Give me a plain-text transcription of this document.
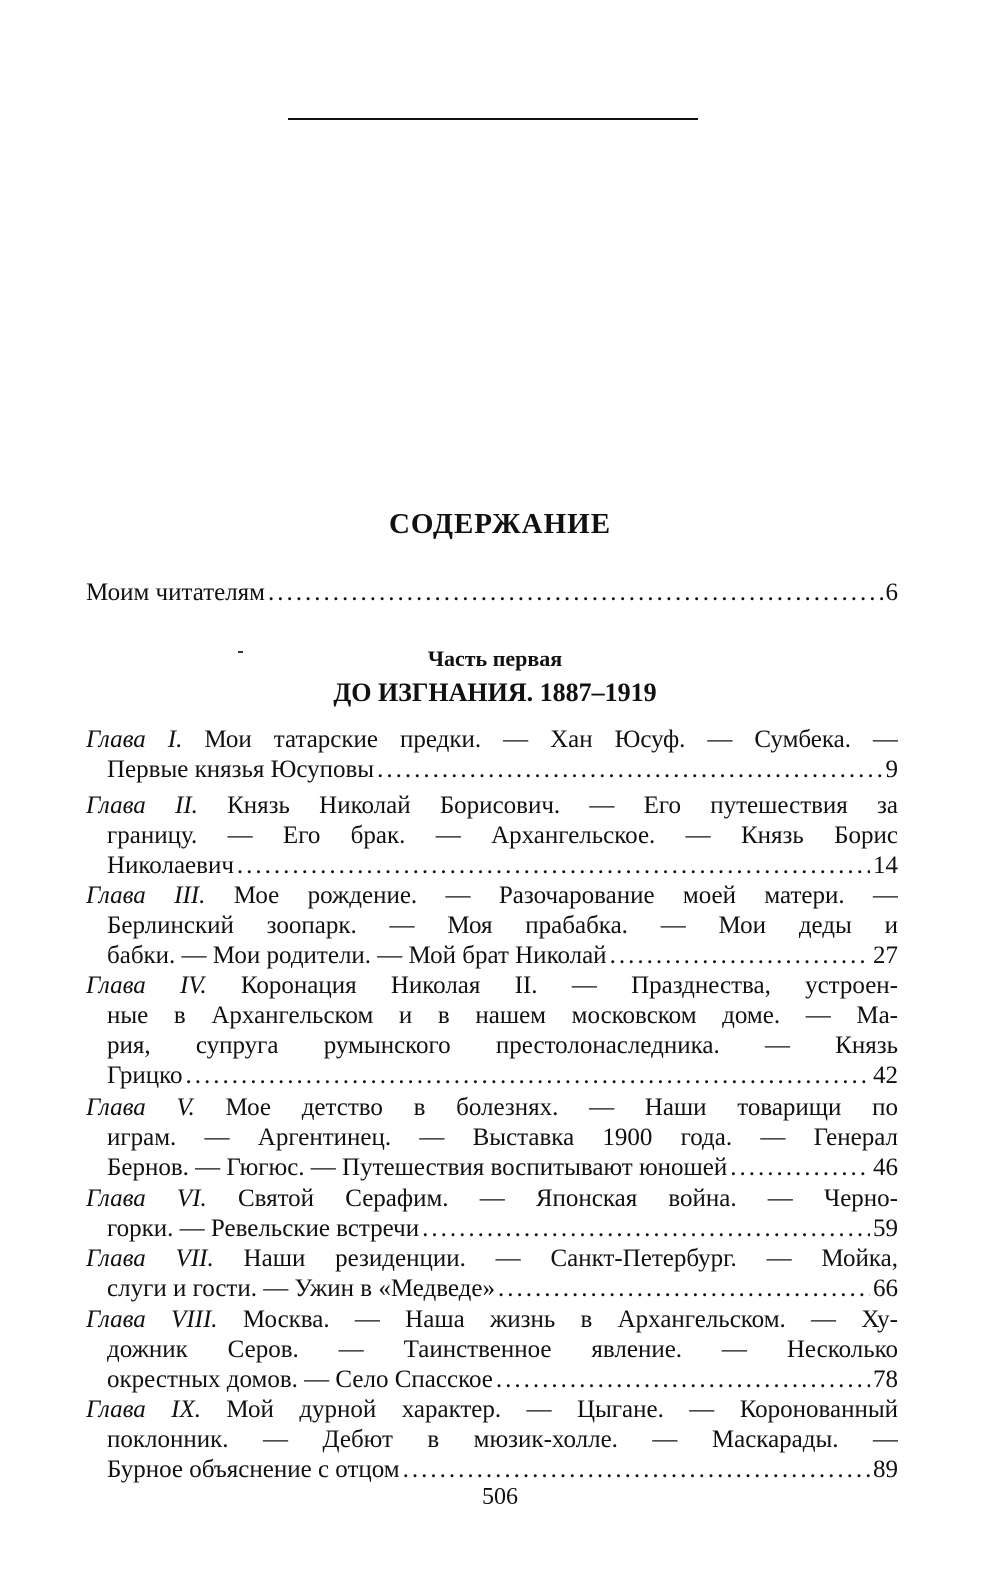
СОДЕРЖАНИЕ
Моим читателям .....	6
Часть первая
ДО ИЗГНАНИЯ. 1887–1919
Глава I. Мои татарские предки. — Хан Юсуф. — Сумбека. —
Первые князья Юсуповы .....	9
Глава II. Князь Николай Борисович. — Его путешествия за
границу. — Его брак. — Архангельское. — Князь Борис
Николаевич .....	14
Глава III. Мое рождение. — Разочарование моей матери. —
Берлинский зоопарк. — Моя прабабка. — Мои деды и
бабки. — Мои родители. — Мой брат Николай .....	27
Глава IV. Коронация Николая II. — Празднества, устроен-
ные в Архангельском и в нашем московском доме. — Ма-
рия, супруга румынского престолонаследника. — Князь
Грицко .....	42
Глава V. Мое детство в болезнях. — Наши товарищи по
играм. — Аргентинец. — Выставка 1900 года. — Генерал
Бернов. — Гюгюс. — Путешествия воспитывают юношей .....	46
Глава VI. Святой Серафим. — Японская война. — Черно-
горки. — Ревельские встречи .....	59
Глава VII. Наши резиденции. — Санкт-Петербург. — Мойка,
слуги и гости. — Ужин в «Медведе» .....	66
Глава VIII. Москва. — Наша жизнь в Архангельском. — Ху-
дожник Серов. — Таинственное явление. — Несколько
окрестных домов. — Село Спасское .....	78
Глава IX. Мой дурной характер. — Цыгане. — Коронованный
поклонник. — Дебют в мюзик-холле. — Маскарады. —
Бурное объяснение с отцом .....	89
506
